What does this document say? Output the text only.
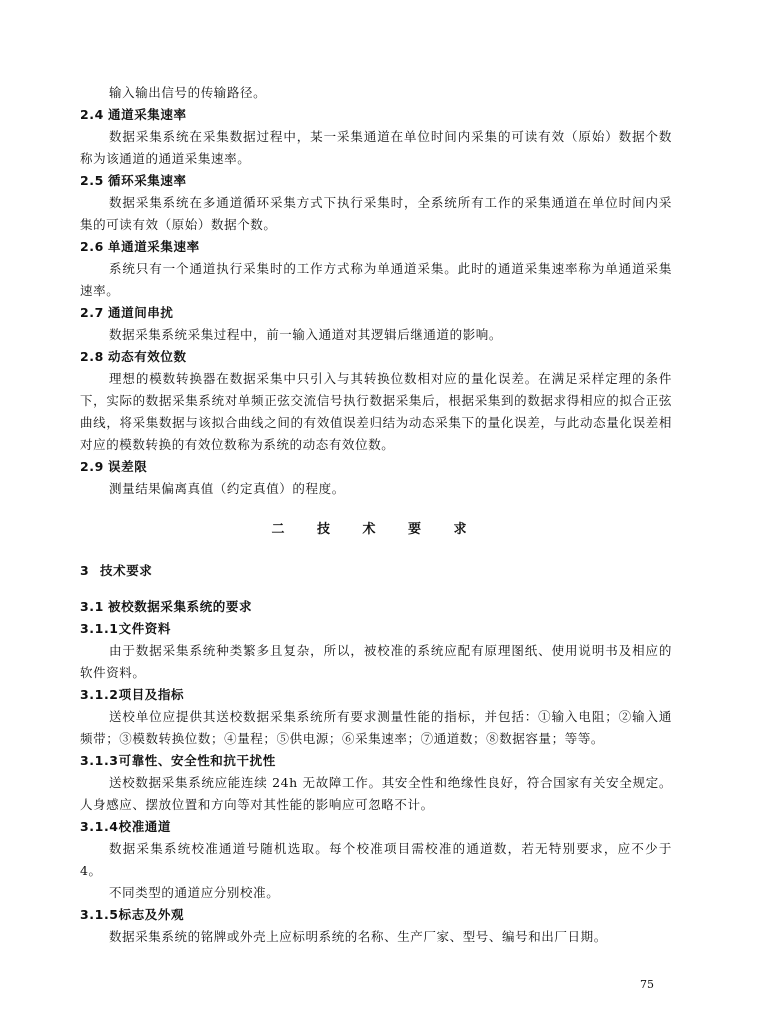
输入输出信号的传输路径。
2.4 通道采集速率

数据采集系统在采集数据过程中，某一采集通道在单位时间内采集的可读有效（原始）数据个数称为该通道的通道采集速率。

2.5 循环采集速率

数据采集系统在多通道循环采集方式下执行采集时，全系统所有工作的采集通道在单位时间内采集的可读有效（原始）数据个数。

2.6 单通道采集速率

系统只有一个通道执行采集时的工作方式称为单通道采集。此时的通道采集速率称为单通道采集速率。

2.7 通道间串扰

数据采集系统采集过程中，前一输入通道对其逻辑后继通道的影响。

2.8 动态有效位数

理想的模数转换器在数据采集中只引入与其转换位数相对应的量化误差。在满足采样定理的条件下，实际的数据采集系统对单频正弦交流信号执行数据采集后，根据采集到的数据求得相应的拟合正弦曲线，将采集数据与该拟合曲线之间的有效值误差归结为动态采集下的量化误差，与此动态量化误差相对应的模数转换的有效位数称为系统的动态有效位数。

2.9 误差限

测量结果偏离真值（约定真值）的程度。

二 技 术 要 求
3 技术要求
3.1 被校数据采集系统的要求
3.1.1文件资料

由于数据采集系统种类繁多且复杂，所以，被校准的系统应配有原理图纸、使用说明书及相应的软件资料。

3.1.2项目及指标

送校单位应提供其送校数据采集系统所有要求测量性能的指标，并包括：①输入电阻；②输入通频带；③模数转换位数；④量程；⑤供电源；⑥采集速率；⑦通道数；⑧数据容量；等等。

3.1.3可靠性、安全性和抗干扰性

送校数据采集系统应能连续 24h 无故障工作。其安全性和绝缘性良好，符合国家有关安全规定。人身感应、摆放位置和方向等对其性能的影响应可忽略不计。

3.1.4校准通道

数据采集系统校准通道号随机选取。每个校准项目需校准的通道数，若无特别要求，应不少于 4。

不同类型的通道应分别校准。

3.1.5标志及外观

数据采集系统的铭牌或外壳上应标明系统的名称、生产厂家、型号、编号和出厂日期。

75
